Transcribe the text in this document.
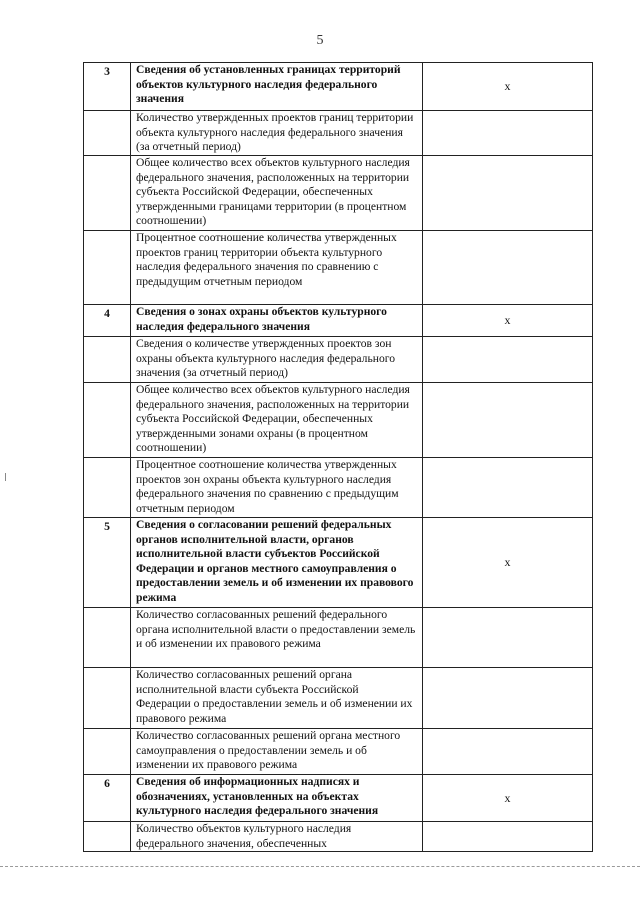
5
3	Сведения об установленных границах территорий объектов культурного наследия федерального значения	х
	Количество утвержденных проектов границ территории объекта культурного наследия федерального значения (за отчетный период)	
	Общее количество всех объектов культурного наследия федерального значения, расположенных на территории субъекта Российской Федерации, обеспеченных утвержденными границами территории (в процентном соотношении)	
	Процентное соотношение количества утвержденных проектов границ территории объекта культурного наследия федерального значения по сравнению с предыдущим отчетным периодом	
4	Сведения о зонах охраны объектов культурного наследия федерального значения	х
	Сведения о количестве утвержденных проектов зон охраны объекта культурного наследия федерального значения (за отчетный период)	
	Общее количество всех объектов культурного наследия федерального значения, расположенных на территории субъекта Российской Федерации, обеспеченных утвержденными зонами охраны (в процентном соотношении)	
	Процентное соотношение количества утвержденных проектов зон охраны объекта культурного наследия федерального значения по сравнению с предыдущим отчетным периодом	
5	Сведения о согласовании решений федеральных органов исполнительной власти, органов исполнительной власти субъектов Российской Федерации и органов местного самоуправления о предоставлении земель и об изменении их правового режима	х
	Количество согласованных решений федерального органа исполнительной власти о предоставлении земель и об изменении их правового режима	
	Количество согласованных решений органа исполнительной власти субъекта Российской Федерации о предоставлении земель и об изменении их правового режима	
	Количество согласованных решений органа местного самоуправления о предоставлении земель и об изменении их правового режима	
6	Сведения об информационных надписях и обозначениях, установленных на объектах культурного наследия федерального значения	х
	Количество объектов культурного наследия федерального значения, обеспеченных	
